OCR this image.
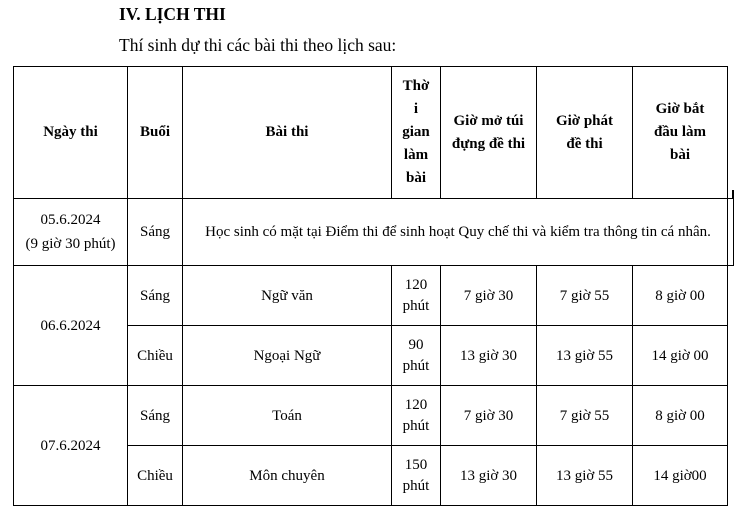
IV. LỊCH THI
Thí sinh dự thi các bài thi theo lịch sau:
Ngày thi	Buổi	Bài thi	Thờ
i
gian
làm
bài	Giờ mở túi đựng đề thi	Giờ phát đề thi	Giờ bắt đầu làm bài
05.6.2024
(9 giờ 30 phút)	Sáng	Học sinh có mặt tại Điểm thi để sinh hoạt Quy chế thi và kiểm tra thông tin cá nhân.				
06.6.2024	Sáng	Ngữ văn	120
phút	7 giờ 30	7 giờ 55	8 giờ 00
	Chiều	Ngoại Ngữ	90
phút	13 giờ 30	13 giờ 55	14 giờ 00
07.6.2024	Sáng	Toán	120
phút	7 giờ 30	7 giờ 55	8 giờ 00
	Chiều	Môn chuyên	150
phút	13 giờ 30	13 giờ 55	14 giờ00
